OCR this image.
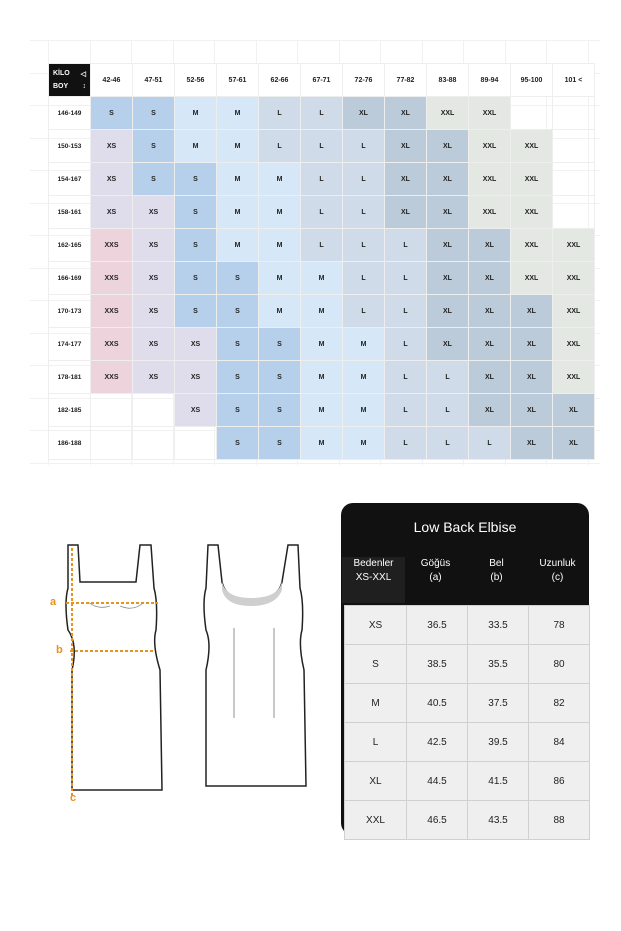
KİLO ◁
BOY ↕	42-46	47-51	52-56	57-61	62-66	67-71	72-76	77-82	83-88	89-94	95-100	101 <
146-149	S	S	M	M	L	L	XL	XL	XXL	XXL		
150-153	XS	S	M	M	L	L	L	XL	XL	XXL	XXL	
154-167	XS	S	S	M	M	L	L	XL	XL	XXL	XXL	
158-161	XS	XS	S	M	M	L	L	XL	XL	XXL	XXL	
162-165	XXS	XS	S	M	M	L	L	L	XL	XL	XXL	XXL
166-169	XXS	XS	S	S	M	M	L	L	XL	XL	XXL	XXL
170-173	XXS	XS	S	S	M	M	L	L	XL	XL	XL	XXL
174-177	XXS	XS	XS	S	S	M	M	L	XL	XL	XL	XXL
178-181	XXS	XS	XS	S	S	M	M	L	L	XL	XL	XXL
182-185			XS	S	S	M	M	L	L	XL	XL	XL
186-188				S	S	M	M	L	L	L	XL	XL
a
b
c
Low Back Elbise
Bedenler
XS-XXL
Göğüs
(a)
Bel
(b)
Uzunluk
(c)
XS	36.5	33.5	78
S	38.5	35.5	80
M	40.5	37.5	82
L	42.5	39.5	84
XL	44.5	41.5	86
XXL	46.5	43.5	88
